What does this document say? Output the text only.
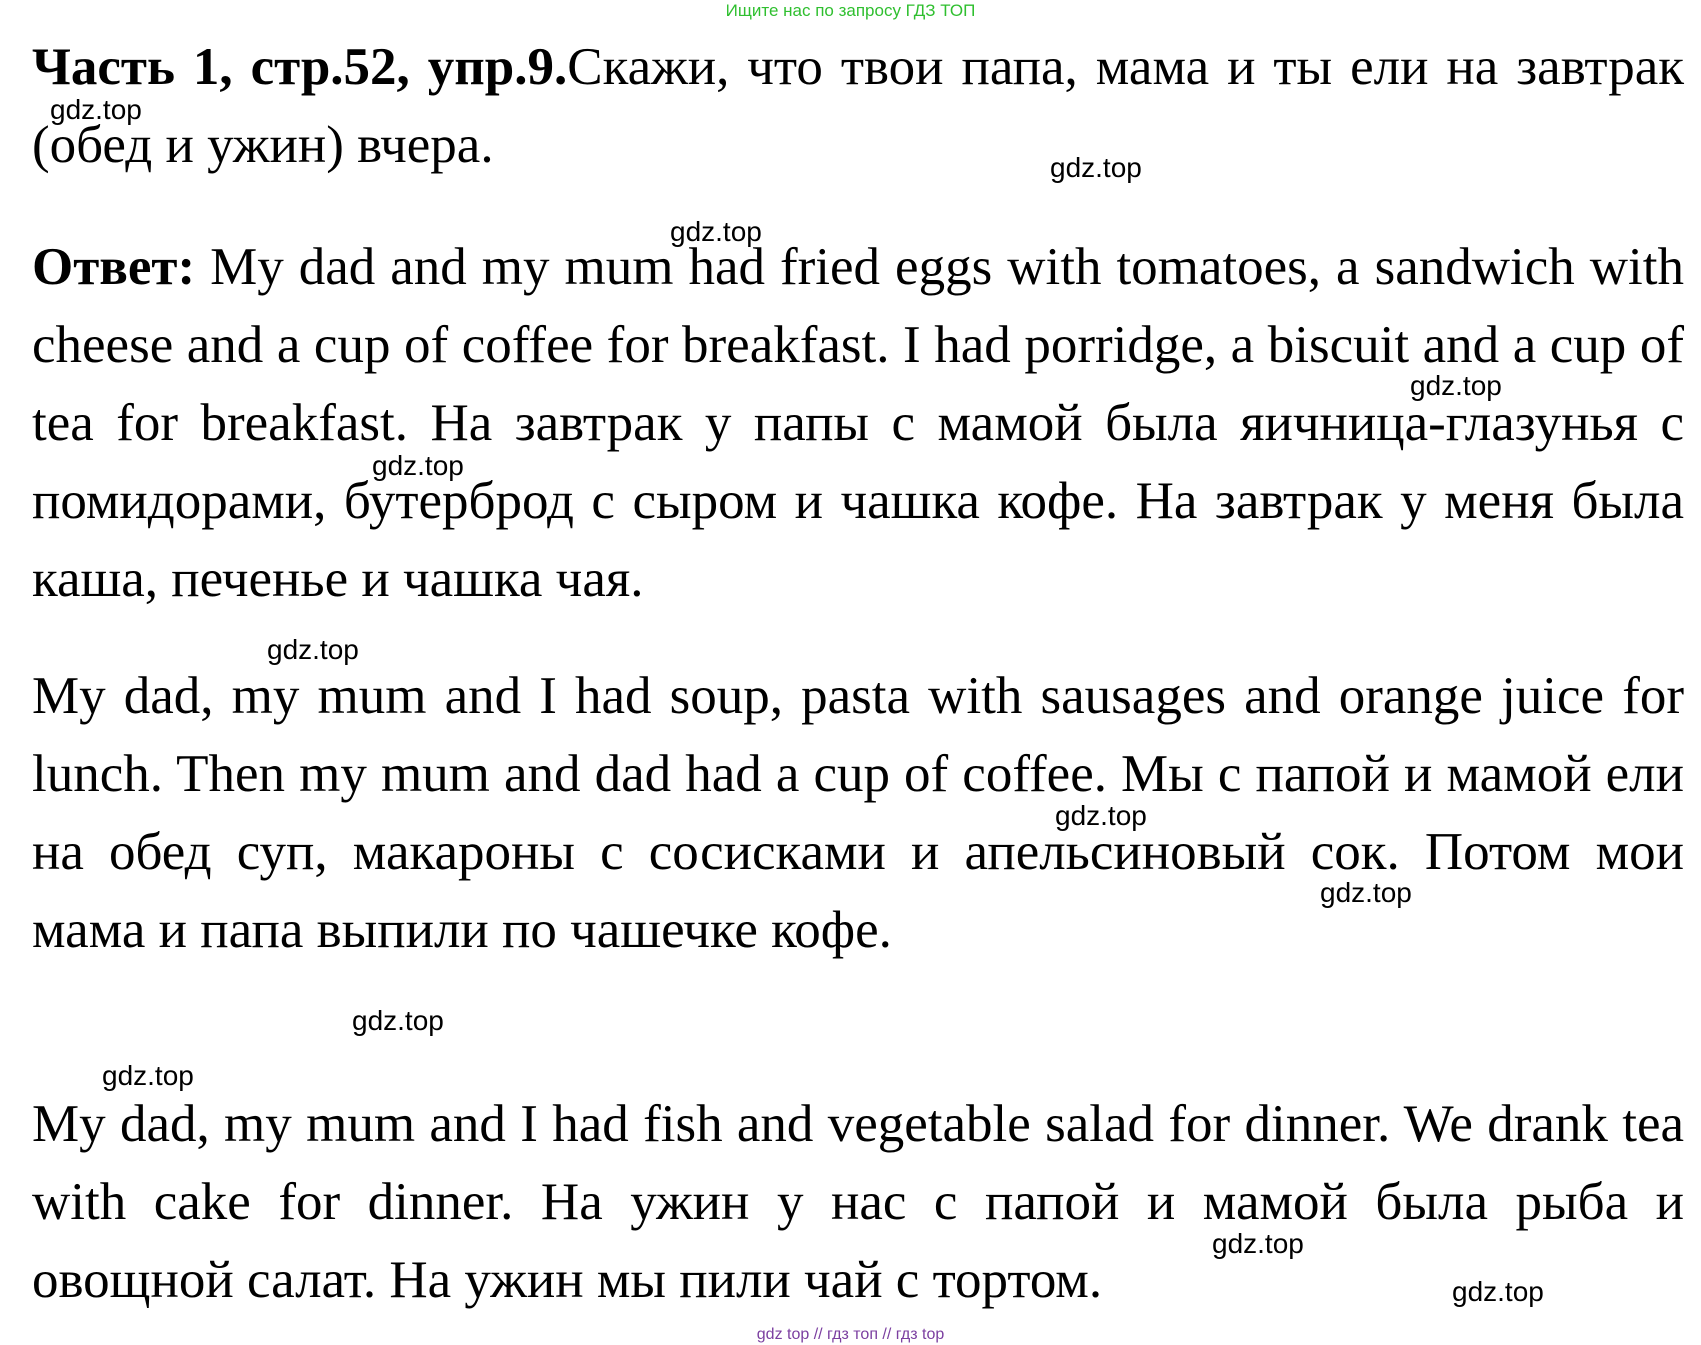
Ищите нас по запросу ГДЗ ТОП

Часть 1, стр.52, упр.9.Скажи, что твои папа, мама и ты ели на завтрак (обед и ужин) вчера.

Ответ: My dad and my mum had fried eggs with tomatoes, a sandwich with cheese and a cup of coffee for breakfast. I had porridge, a biscuit and a cup of tea for breakfast. На завтрак у папы с мамой была яичница-глазунья с помидорами, бутерброд с сыром и чашка кофе. На завтрак у меня была каша, печенье и чашка чая.

My dad, my mum and I had soup, pasta with sausages and orange juice for lunch. Then my mum and dad had a cup of coffee. Мы с папой и мамой ели на обед суп, макароны с сосисками и апельсиновый сок. Потом мои мама и папа выпили по чашечке кофе.

My dad, my mum and I had fish and vegetable salad for dinner. We drank tea with cake for dinner. На ужин у нас с папой и мамой была рыба и овощной салат. На ужин мы пили чай с тортом.

gdz.top
gdz.top
gdz.top
gdz.top
gdz.top
gdz.top
gdz.top
gdz.top
gdz.top
gdz.top
gdz.top
gdz.top
gdz top // гдз топ // гдз top
